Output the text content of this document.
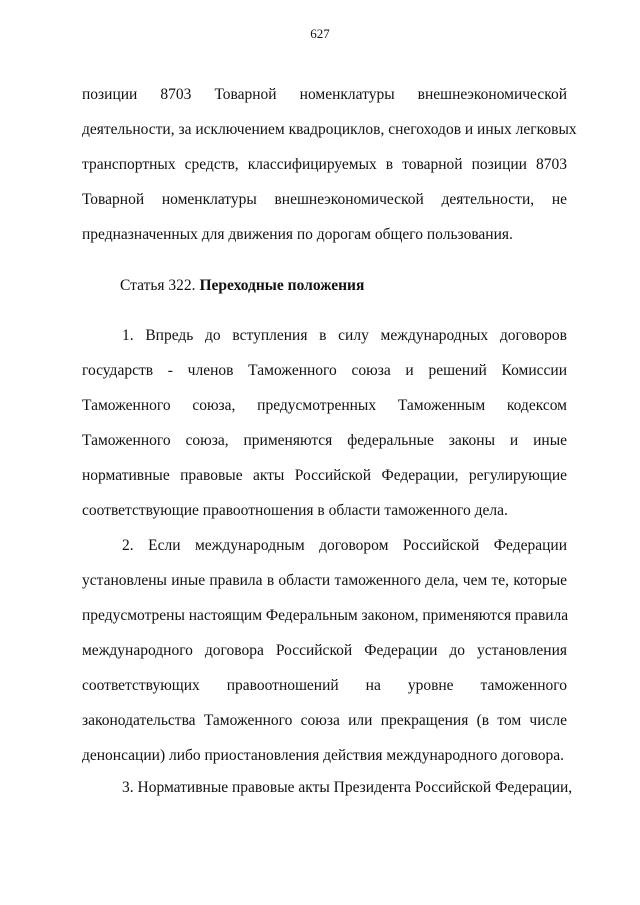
627
позиции 8703 Товарной номенклатуры внешнеэкономической
деятельности, за исключением квадроциклов, снегоходов и иных легковых
транспортных средств, классифицируемых в товарной позиции 8703
Товарной номенклатуры внешнеэкономической деятельности, не
предназначенных для движения по дорогам общего пользования.
Статья 322. Переходные положения
1. Впредь до вступления в силу международных договоров
государств - членов Таможенного союза и решений Комиссии
Таможенного союза, предусмотренных Таможенным кодексом
Таможенного союза, применяются федеральные законы и иные
нормативные правовые акты Российской Федерации, регулирующие
соответствующие правоотношения в области таможенного дела.
2. Если международным договором Российской Федерации
установлены иные правила в области таможенного дела, чем те, которые
предусмотрены настоящим Федеральным законом, применяются правила
международного договора Российской Федерации до установления
соответствующих правоотношений на уровне таможенного
законодательства Таможенного союза или прекращения (в том числе
денонсации) либо приостановления действия международного договора.
3. Нормативные правовые акты Президента Российской Федерации,
